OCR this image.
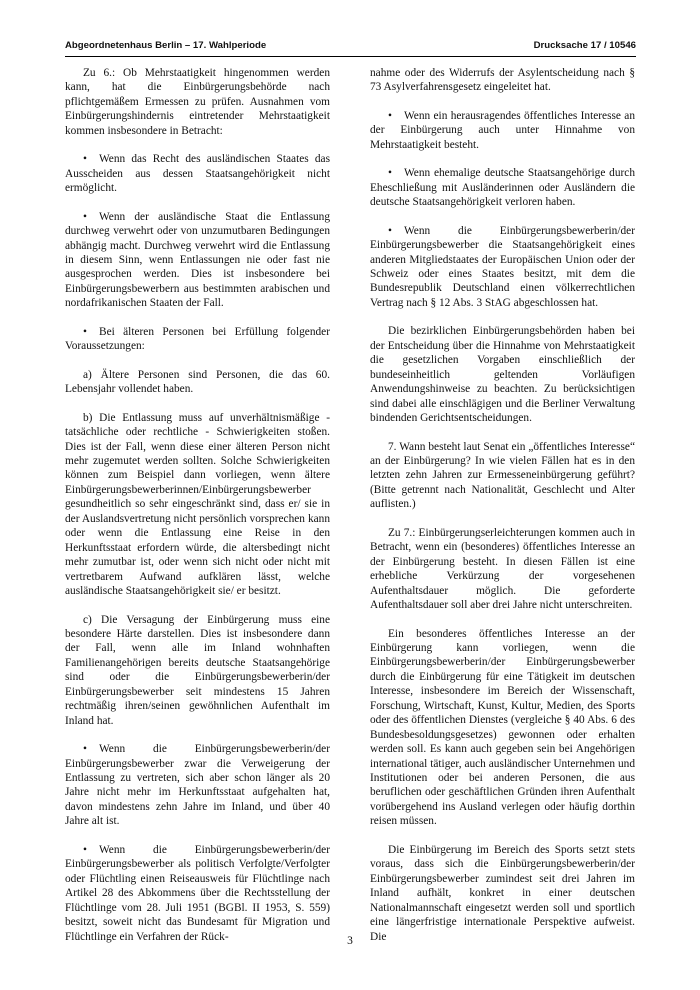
Abgeordnetenhaus Berlin – 17. Wahlperiode	Drucksache 17 / 10546

Zu 6.: Ob Mehrstaatigkeit hingenommen werden kann, hat die Einbürgerungsbehörde nach pflichtgemäßem Ermessen zu prüfen. Ausnahmen vom Einbürgerungshindernis eintretender Mehrstaatigkeit kommen insbesondere in Betracht:

• Wenn das Recht des ausländischen Staates das Ausscheiden aus dessen Staatsangehörigkeit nicht ermöglicht.

• Wenn der ausländische Staat die Entlassung durchweg verwehrt oder von unzumutbaren Bedingungen abhängig macht. Durchweg verwehrt wird die Entlassung in diesem Sinn, wenn Entlassungen nie oder fast nie ausgesprochen werden. Dies ist insbesondere bei Einbürgerungsbewerbern aus bestimmten arabischen und nordafrikanischen Staaten der Fall.

• Bei älteren Personen bei Erfüllung folgender Voraussetzungen:

a) Ältere Personen sind Personen, die das 60. Lebensjahr vollendet haben.

b) Die Entlassung muss auf unverhältnismäßige - tatsächliche oder rechtliche - Schwierigkeiten stoßen. Dies ist der Fall, wenn diese einer älteren Person nicht mehr zugemutet werden sollten. Solche Schwierigkeiten können zum Beispiel dann vorliegen, wenn ältere Einbürgerungsbewerberinnen/Einbürgerungsbewerber gesundheitlich so sehr eingeschränkt sind, dass er/ sie in der Auslandsvertretung nicht persönlich vorsprechen kann oder wenn die Entlassung eine Reise in den Herkunftsstaat erfordern würde, die altersbedingt nicht mehr zumutbar ist, oder wenn sich nicht oder nicht mit vertretbarem Aufwand aufklären lässt, welche ausländische Staatsangehörigkeit sie/ er besitzt.

c) Die Versagung der Einbürgerung muss eine besondere Härte darstellen. Dies ist insbesondere dann der Fall, wenn alle im Inland wohnhaften Familienangehörigen bereits deutsche Staatsangehörige sind oder die Einbürgerungsbewerberin/der Einbürgerungsbewerber seit mindestens 15 Jahren rechtmäßig ihren/seinen gewöhnlichen Aufenthalt im Inland hat.

• Wenn die Einbürgerungsbewerberin/der Einbürgerungsbewerber zwar die Verweigerung der Entlassung zu vertreten, sich aber schon länger als 20 Jahre nicht mehr im Herkunftsstaat aufgehalten hat, davon mindestens zehn Jahre im Inland, und über 40 Jahre alt ist.

• Wenn die Einbürgerungsbewerberin/der Einbürgerungsbewerber als politisch Verfolgte/Verfolgter oder Flüchtling einen Reiseausweis für Flüchtlinge nach Artikel 28 des Abkommens über die Rechtsstellung der Flüchtlinge vom 28. Juli 1951 (BGBl. II 1953, S. 559) besitzt, soweit nicht das Bundesamt für Migration und Flüchtlinge ein Verfahren der Rück-

nahme oder des Widerrufs der Asylentscheidung nach § 73 Asylverfahrensgesetz eingeleitet hat.

• Wenn ein herausragendes öffentliches Interesse an der Einbürgerung auch unter Hinnahme von Mehrstaatigkeit besteht.

• Wenn ehemalige deutsche Staatsangehörige durch Eheschließung mit Ausländerinnen oder Ausländern die deutsche Staatsangehörigkeit verloren haben.

• Wenn die Einbürgerungsbewerberin/der Einbürgerungsbewerber die Staatsangehörigkeit eines anderen Mitgliedstaates der Europäischen Union oder der Schweiz oder eines Staates besitzt, mit dem die Bundesrepublik Deutschland einen völkerrechtlichen Vertrag nach § 12 Abs. 3 StAG abgeschlossen hat.

Die bezirklichen Einbürgerungsbehörden haben bei der Entscheidung über die Hinnahme von Mehrstaatigkeit die gesetzlichen Vorgaben einschließlich der bundeseinheitlich geltenden Vorläufigen Anwendungshinweise zu beachten. Zu berücksichtigen sind dabei alle einschlägigen und die Berliner Verwaltung bindenden Gerichtsentscheidungen.

7. Wann besteht laut Senat ein „öffentliches Interesse“ an der Einbürgerung? In wie vielen Fällen hat es in den letzten zehn Jahren zur Ermesseneinbürgerung geführt? (Bitte getrennt nach Nationalität, Geschlecht und Alter auflisten.)

Zu 7.: Einbürgerungserleichterungen kommen auch in Betracht, wenn ein (besonderes) öffentliches Interesse an der Einbürgerung besteht. In diesen Fällen ist eine erhebliche Verkürzung der vorgesehenen Aufenthaltsdauer möglich. Die geforderte Aufenthaltsdauer soll aber drei Jahre nicht unterschreiten.

Ein besonderes öffentliches Interesse an der Einbürgerung kann vorliegen, wenn die Einbürgerungsbewerberin/der Einbürgerungsbewerber durch die Einbürgerung für eine Tätigkeit im deutschen Interesse, insbesondere im Bereich der Wissenschaft, Forschung, Wirtschaft, Kunst, Kultur, Medien, des Sports oder des öffentlichen Dienstes (vergleiche § 40 Abs. 6 des Bundesbesoldungsgesetzes) gewonnen oder erhalten werden soll. Es kann auch gegeben sein bei Angehörigen international tätiger, auch ausländischer Unternehmen und Institutionen oder bei anderen Personen, die aus beruflichen oder geschäftlichen Gründen ihren Aufenthalt vorübergehend ins Ausland verlegen oder häufig dorthin reisen müssen.

Die Einbürgerung im Bereich des Sports setzt stets voraus, dass sich die Einbürgerungsbewerberin/der Einbürgerungsbewerber zumindest seit drei Jahren im Inland aufhält, konkret in einer deutschen Nationalmannschaft eingesetzt werden soll und sportlich eine längerfristige internationale Perspektive aufweist. Die

3
